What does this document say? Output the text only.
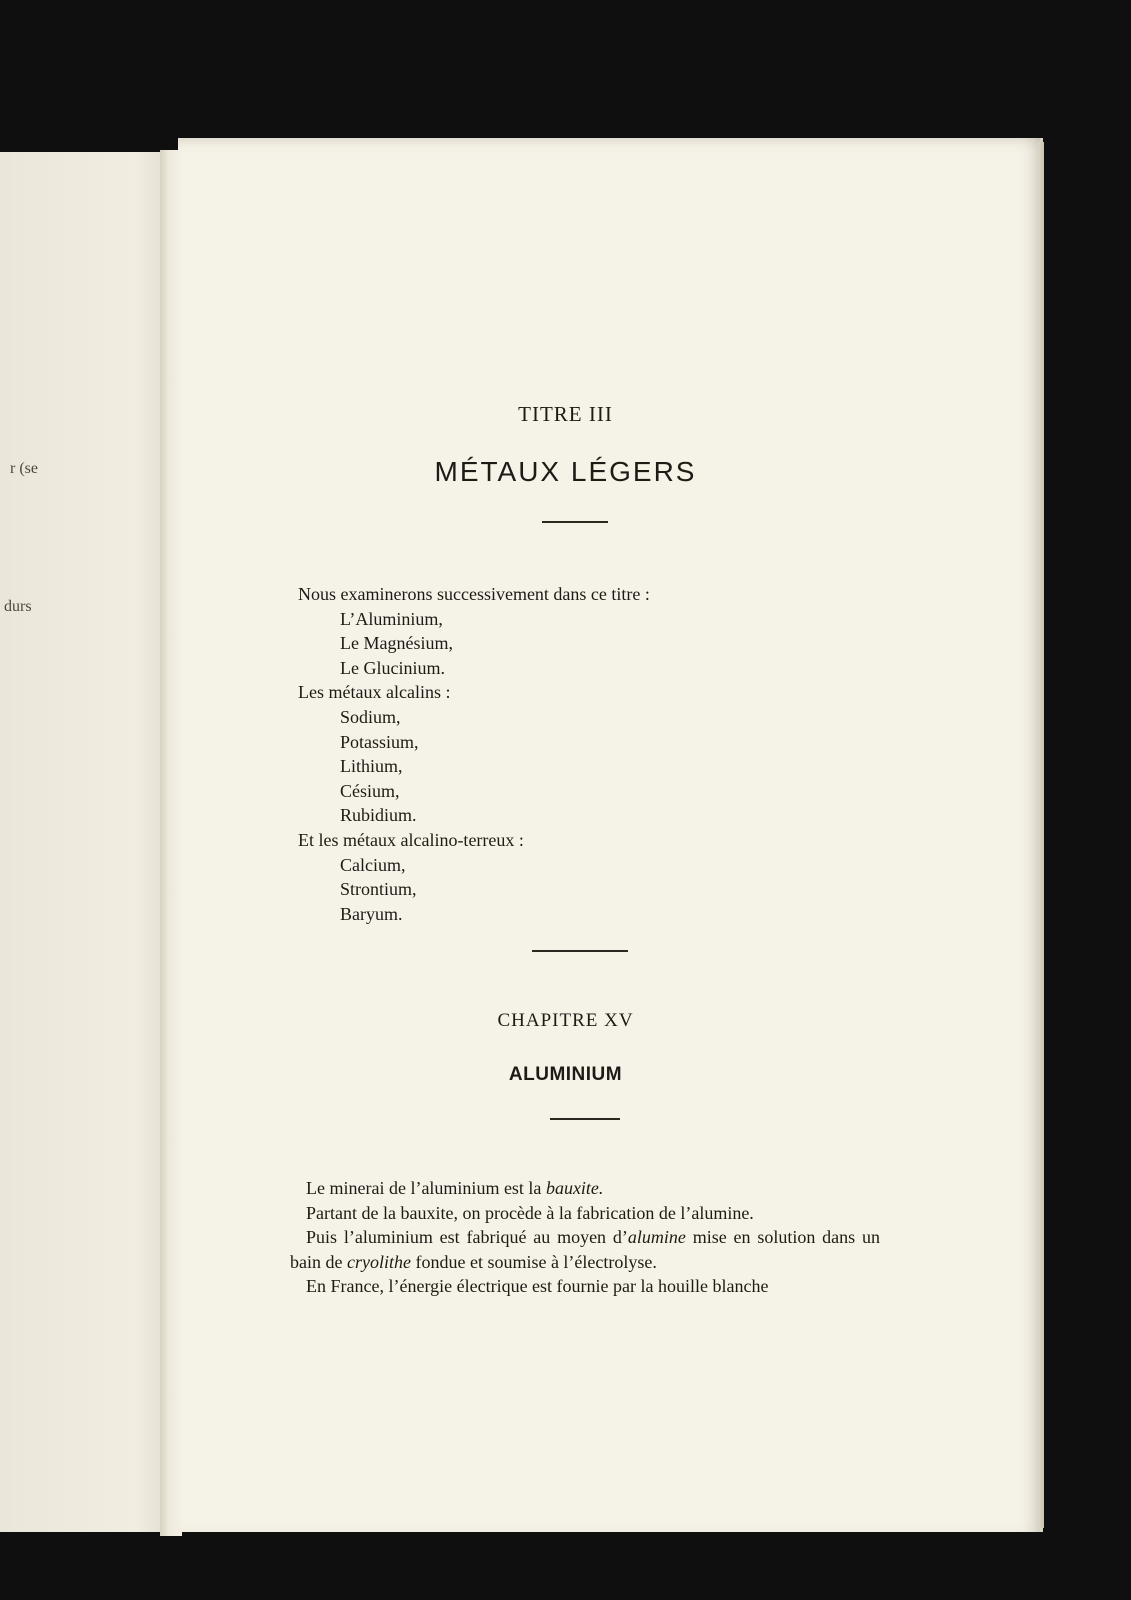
r (se
durs
TITRE III
MÉTAUX LÉGERS
Nous examinerons successivement dans ce titre :
L’Aluminium,
Le Magnésium,
Le Glucinium.
Les métaux alcalins :
Sodium,
Potassium,
Lithium,
Césium,
Rubidium.
Et les métaux alcalino-terreux :
Calcium,
Strontium,
Baryum.
CHAPITRE XV
ALUMINIUM

Le minerai de l’aluminium est la bauxite.

Partant de la bauxite, on procède à la fabrication de l’alumine.

Puis l’aluminium est fabriqué au moyen d’alumine mise en solution dans un bain de cryolithe fondue et soumise à l’électrolyse.

En France, l’énergie électrique est fournie par la houille blanche
